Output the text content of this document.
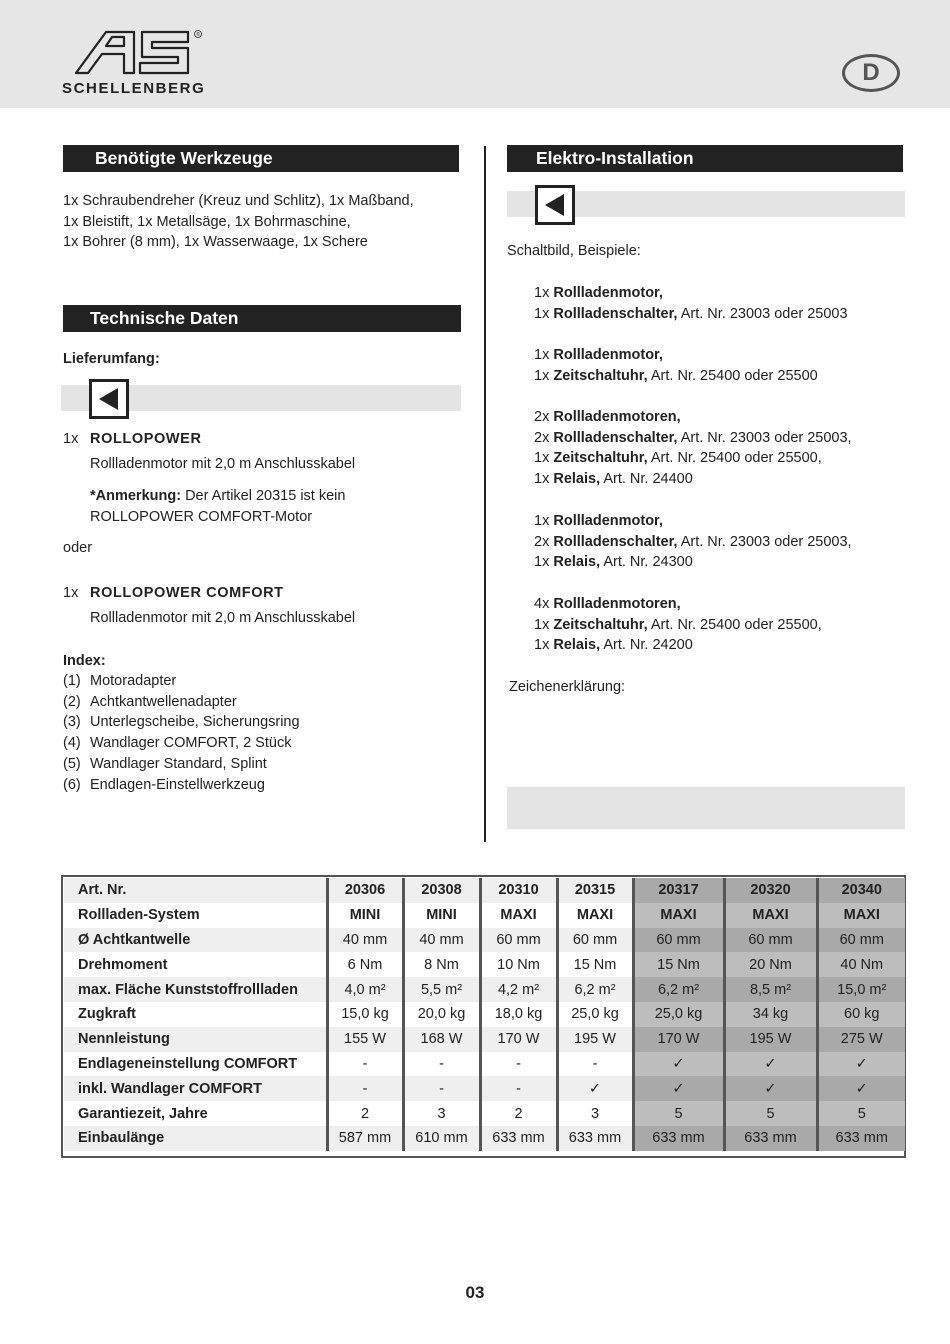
®
SCHELLENBERG
D
Benötigte Werkzeuge

1x Schraubendreher (Kreuz und Schlitz), 1x Maßband,

1x Bleistift, 1x Metallsäge, 1x Bohrmaschine,

1x Bohrer (8 mm), 1x Wasserwaage, 1x Schere

Technische Daten
Lieferumfang:
1x ROLLOPOWER
Rollladenmotor mit 2,0 m Anschlusskabel

*Anmerkung: Der Artikel 20315 ist kein

ROLLOPOWER COMFORT-Motor

oder
1x ROLLOPOWER COMFORT
Rollladenmotor mit 2,0 m Anschlusskabel
Index:

(1) Motoradapter

(2) Achtkantwellenadapter

(3) Unterlegscheibe, Sicherungsring

(4) Wandlager COMFORT, 2 Stück

(5) Wandlager Standard, Splint

(6) Endlagen-Einstellwerkzeug

Elektro-Installation
Schaltbild, Beispiele:

1x Rollladenmotor,

1x Rollladenschalter, Art. Nr. 23003 oder 25003

1x Rollladenmotor,

1x Zeitschaltuhr, Art. Nr. 25400 oder 25500

2x Rollladenmotoren,

2x Rollladenschalter, Art. Nr. 23003 oder 25003,

1x Zeitschaltuhr, Art. Nr. 25400 oder 25500,

1x Relais, Art. Nr. 24400

1x Rollladenmotor,

2x Rollladenschalter, Art. Nr. 23003 oder 25003,

1x Relais, Art. Nr. 24300

4x Rollladenmotoren,

1x Zeitschaltuhr, Art. Nr. 25400 oder 25500,

1x Relais, Art. Nr. 24200

Zeichenerklärung:
Art. Nr.	20306	20308	20310	20315	20317	20320	20340
Rollladen-System	MINI	MINI	MAXI	MAXI	MAXI	MAXI	MAXI
Ø Achtkantwelle	40 mm	40 mm	60 mm	60 mm	60 mm	60 mm	60 mm
Drehmoment	6 Nm	8 Nm	10 Nm	15 Nm	15 Nm	20 Nm	40 Nm
max. Fläche Kunststoffrollladen	4,0 m²	5,5 m²	4,2 m²	6,2 m²	6,2 m²	8,5 m²	15,0 m²
Zugkraft	15,0 kg	20,0 kg	18,0 kg	25,0 kg	25,0 kg	34 kg	60 kg
Nennleistung	155 W	168 W	170 W	195 W	170 W	195 W	275 W
Endlageneinstellung COMFORT	-	-	-	-	✓	✓	✓
inkl. Wandlager COMFORT	-	-	-	✓	✓	✓	✓
Garantiezeit, Jahre	2	3	2	3	5	5	5
Einbaulänge	587 mm	610 mm	633 mm	633 mm	633 mm	633 mm	633 mm
03
